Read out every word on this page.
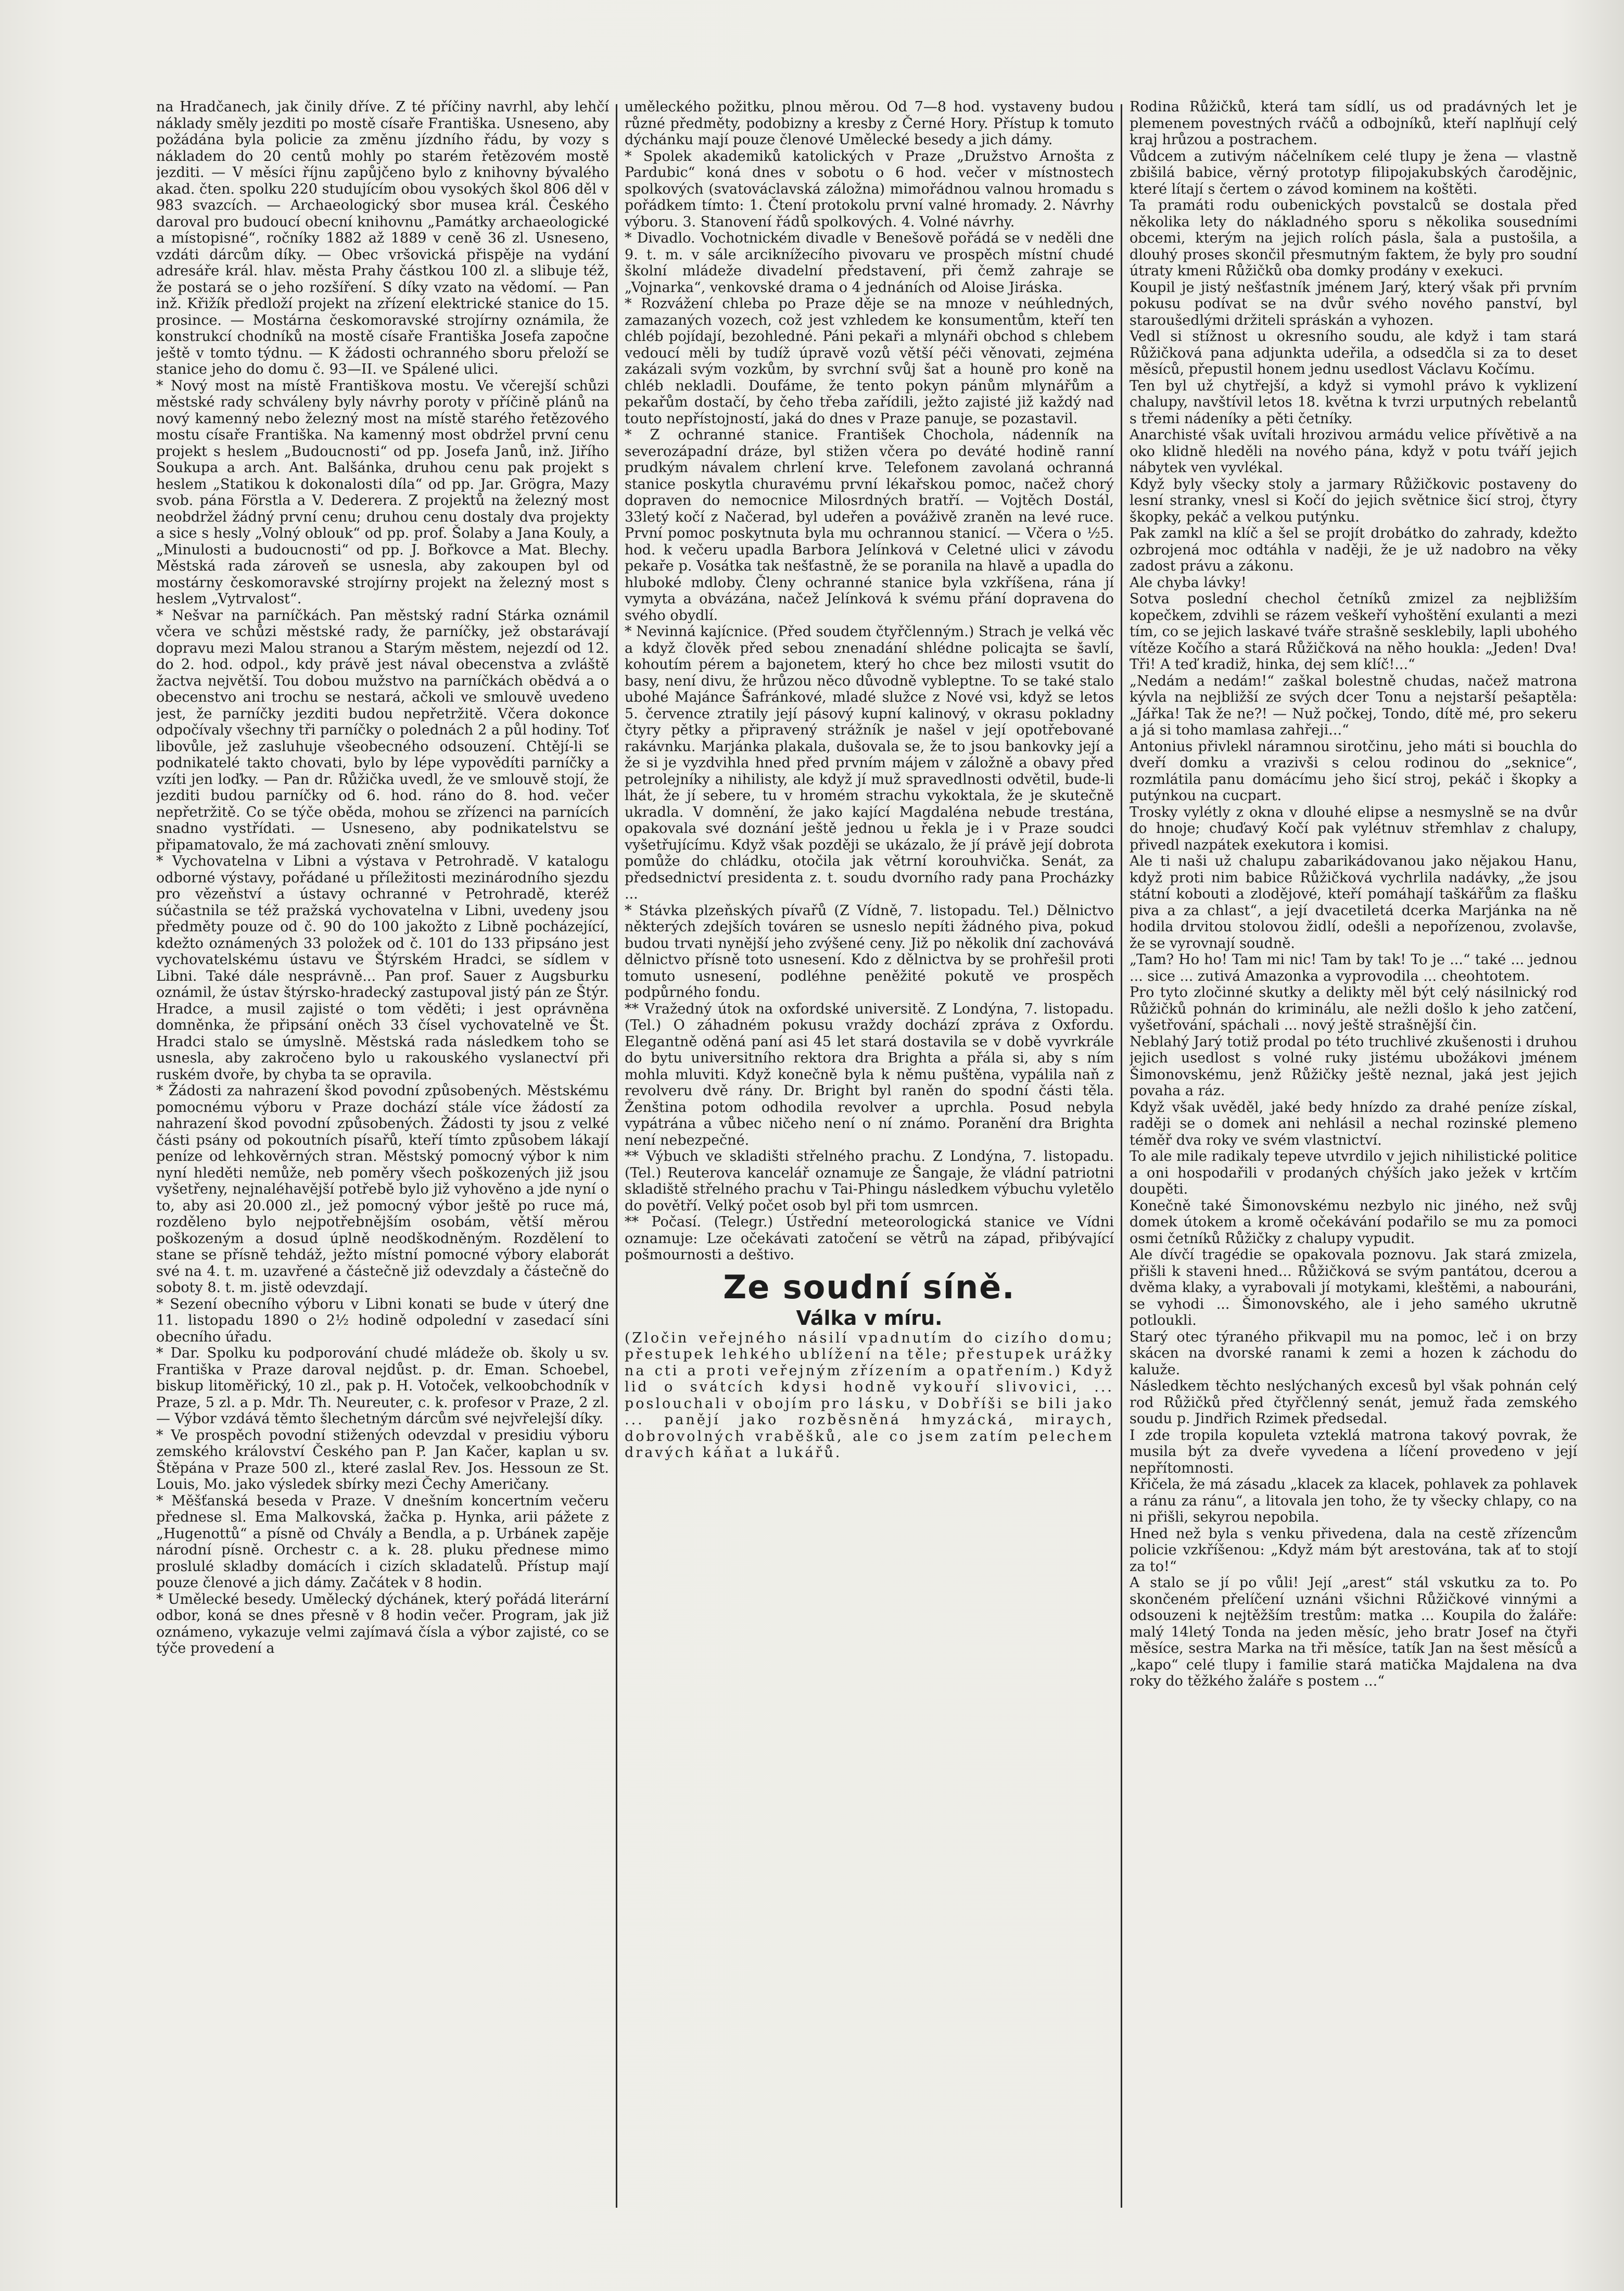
na Hradčanech, jak činily dříve. Z té příčiny navrhl, aby lehčí náklady směly jezditi po mostě císaře Františka. Usneseno, aby požádána byla policie za změnu jízdního řádu, by vozy s nákladem do 20 centů mohly po starém řetězovém mostě jezditi. — V měsíci říjnu zapůjčeno bylo z knihovny bývalého akad. čten. spolku 220 studujícím obou vysokých škol 806 děl v 983 svazcích. — Archaeologický sbor musea král. Českého daroval pro budoucí obecní knihovnu „Památky archaeologické a místopisné“, ročníky 1882 až 1889 v ceně 36 zl. Usneseno, vzdáti dárcům díky. — Obec vršovická přispěje na vydání adresáře král. hlav. města Prahy částkou 100 zl. a slibuje též, že postará se o jeho rozšíření. S díky vzato na vědomí. — Pan inž. Křižík předloží projekt na zřízení elektrické stanice do 15. prosince. — Mostárna českomoravské strojírny oznámila, že konstrukcí chodníků na mostě císaře Františka Josefa započne ještě v tomto týdnu. — K žádosti ochranného sboru přeloží se stanice jeho do domu č. 93—II. ve Spálené ulici.

* Nový most na místě Františkova mostu. Ve včerejší schůzi městské rady schváleny byly návrhy poroty v příčině plánů na nový kamenný nebo železný most na místě starého řetězového mostu císaře Františka. Na kamenný most obdržel první cenu projekt s heslem „Budoucnosti“ od pp. Josefa Janů, inž. Jiřího Soukupa a arch. Ant. Balšánka, druhou cenu pak projekt s heslem „Statikou k dokonalosti díla“ od pp. Jar. Grögra, Mazy svob. pána Förstla a V. Dederera. Z projektů na železný most neobdržel žádný první cenu; druhou cenu dostaly dva projekty a sice s hesly „Volný oblouk“ od pp. prof. Šolaby a Jana Kouly, a „Minulosti a budoucnosti“ od pp. J. Bořkovce a Mat. Blechy. Městská rada zároveň se usnesla, aby zakoupen byl od mostárny českomoravské strojírny projekt na železný most s heslem „Vytrvalost“.

* Nešvar na parníčkách. Pan městský radní Stárka oznámil včera ve schůzi městské rady, že parníčky, jež obstarávají dopravu mezi Malou stranou a Starým městem, nejezdí od 12. do 2. hod. odpol., kdy právě jest nával obecenstva a zvláště žactva největší. Tou dobou mužstvo na parníčkách obědvá a o obecenstvo ani trochu se nestará, ačkoli ve smlouvě uvedeno jest, že parníčky jezditi budou nepřetržitě. Včera dokonce odpočívaly všechny tři parníčky o polednách 2 a půl hodiny. Toť libovůle, jež zasluhuje všeobecného odsouzení. Chtějí-li se podnikatelé takto chovati, bylo by lépe vypovědíti parníčky a vzíti jen loďky. — Pan dr. Růžička uvedl, že ve smlouvě stojí, že jezditi budou parníčky od 6. hod. ráno do 8. hod. večer nepřetržitě. Co se týče oběda, mohou se zřízenci na parnících snadno vystřídati. — Usneseno, aby podnikatelstvu se připamatovalo, že má zachovati znění smlouvy.

* Vychovatelna v Libni a výstava v Petrohradě. V katalogu odborné výstavy, pořádané u příležitosti mezinárodního sjezdu pro vězeňství a ústavy ochranné v Petrohradě, kteréž súčastnila se též pražská vychovatelna v Libni, uvedeny jsou předměty pouze od č. 90 do 100 jakožto z Libně pocházející, kdežto oznámených 33 položek od č. 101 do 133 připsáno jest vychovatelskému ústavu ve Štýrském Hradci, se sídlem v Libni. Také dále nesprávně... Pan prof. Sauer z Augsburku oznámil, že ústav štýrsko-hradecký zastupoval jistý pán ze Štýr. Hradce, a musil zajisté o tom věděti; i jest oprávněna domněnka, že připsání oněch 33 čísel vychovatelně ve Št. Hradci stalo se úmyslně. Městská rada následkem toho se usnesla, aby zakročeno bylo u rakouského vyslanectví při ruském dvoře, by chyba ta se opravila.

* Žádosti za nahrazení škod povodní způsobených. Městskému pomocnému výboru v Praze dochází stále více žádostí za nahrazení škod povodní způsobených. Žádosti ty jsou z velké části psány od pokoutních písařů, kteří tímto způsobem lákají peníze od lehkověrných stran. Městský pomocný výbor k nim nyní hleděti nemůže, neb poměry všech poškozených již jsou vyšetřeny, nejnaléhavější potřebě bylo již vyhověno a jde nyní o to, aby asi 20.000 zl., jež pomocný výbor ještě po ruce má, rozděleno bylo nejpotřebnějším osobám, větší měrou poškozeným a dosud úplně neodškodněným. Rozdělení to stane se přísně tehdáž, ježto místní pomocné výbory elaborát své na 4. t. m. uzavřené a částečně již odevzdaly a částečně do soboty 8. t. m. jistě odevzdají.

* Sezení obecního výboru v Libni konati se bude v úterý dne 11. listopadu 1890 o 2½ hodině odpolední v zasedací síni obecního úřadu.

* Dar. Spolku ku podporování chudé mládeže ob. školy u sv. Františka v Praze daroval nejdůst. p. dr. Eman. Schoebel, biskup litoměřický, 10 zl., pak p. H. Votoček, velkoobchodník v Praze, 5 zl. a p. Mdr. Th. Neureuter, c. k. profesor v Praze, 2 zl. — Výbor vzdává těmto šlechetným dárcům své nejvřelejší díky.

* Ve prospěch povodní stižených odevzdal v presidiu výboru zemského království Českého pan P. Jan Kačer, kaplan u sv. Štěpána v Praze 500 zl., které zaslal Rev. Jos. Hessoun ze St. Louis, Mo. jako výsledek sbírky mezi Čechy Američany.

* Měšťanská beseda v Praze. V dnešním koncertním večeru přednese sl. Ema Malkovská, žačka p. Hynka, arii pážete z „Hugenottů“ a písně od Chvály a Bendla, a p. Urbánek zapěje národní písně. Orchestr c. a k. 28. pluku přednese mimo proslulé skladby domácích i cizích skladatelů. Přístup mají pouze členové a jich dámy. Začátek v 8 hodin.

* Umělecké besedy. Umělecký dýchánek, který pořádá literární odbor, koná se dnes přesně v 8 hodin večer. Program, jak již oznámeno, vykazuje velmi zajímavá čísla a výbor zajisté, co se týče provedení a

uměleckého požitku, plnou měrou. Od 7—8 hod. vystaveny budou různé předměty, podobizny a kresby z Černé Hory. Přístup k tomuto dýchánku mají pouze členové Umělecké besedy a jich dámy.

* Spolek akademiků katolických v Praze „Družstvo Arnošta z Pardubic“ koná dnes v sobotu o 6 hod. večer v místnostech spolkových (svatováclavská záložna) mimořádnou valnou hromadu s pořádkem tímto: 1. Čtení protokolu první valné hromady. 2. Návrhy výboru. 3. Stanovení řádů spolkových. 4. Volné návrhy.

* Divadlo. Vochotnickém divadle v Benešově pořádá se v neděli dne 9. t. m. v sále arciknížecího pivovaru ve prospěch místní chudé školní mládeže divadelní představení, při čemž zahraje se „Vojnarka“, venkovské drama o 4 jednáních od Aloise Jiráska.

* Rozvážení chleba po Praze děje se na mnoze v neúhledných, zamazaných vozech, což jest vzhledem ke konsumentům, kteří ten chléb pojídají, bezohledné. Páni pekaři a mlynáři obchod s chlebem vedoucí měli by tudíž úpravě vozů větší péči věnovati, zejména zakázali svým vozkům, by svrchní svůj šat a houně pro koně na chléb nekladli. Doufáme, že tento pokyn pánům mlynářům a pekařům dostačí, by čeho třeba zařídili, ježto zajisté již každý nad touto nepřístojností, jaká do dnes v Praze panuje, se pozastavil.

* Z ochranné stanice. František Chochola, nádenník na severozápadní dráze, byl stižen včera po deváté hodině ranní prudkým návalem chrlení krve. Telefonem zavolaná ochranná stanice poskytla churavému první lékařskou pomoc, načež chorý dopraven do nemocnice Milosrdných bratří. — Vojtěch Dostál, 33letý kočí z Načerad, byl udeřen a pováživě zraněn na levé ruce. První pomoc poskytnuta byla mu ochrannou stanicí. — Včera o ½5. hod. k večeru upadla Barbora Jelínková v Celetné ulici v závodu pekaře p. Vosátka tak nešťastně, že se poranila na hlavě a upadla do hluboké mdloby. Členy ochranné stanice byla vzkříšena, rána jí vymyta a obvázána, načež Jelínková k svému přání dopravena do svého obydlí.

* Nevinná kajícnice. (Před soudem čtyřčlenným.) Strach je velká věc a když člověk před sebou znenadání shlédne policajta se šavlí, kohoutím pérem a bajonetem, který ho chce bez milosti vsutit do basy, není divu, že hrůzou něco důvodně vybleptne. To se také stalo ubohé Majánce Šafránkové, mladé služce z Nové vsi, když se letos 5. července ztratily její pásový kupní kalinový, v okrasu pokladny čtyry pětky a připravený strážník je našel v její opotřebované rakávnku. Marjánka plakala, dušovala se, že to jsou bankovky její a že si je vyzdvihla hned před prvním májem v záložně a obavy před petrolejníky a nihilisty, ale když jí muž spravedlnosti odvětil, bude-li lhát, že jí sebere, tu v hromém strachu vykoktala, že je skutečně ukradla. V domnění, že jako kající Magdaléna nebude trestána, opakovala své doznání ještě jednou u řekla je i v Praze soudci vyšetřujícímu. Když však později se ukázalo, že jí právě její dobrota pomůže do chládku, otočila jak větrní korouhvička. Senát, za předsednictví presidenta z. t. soudu dvorního rady pana Procházky ...

* Stávka plzeňských pívařů (Z Vídně, 7. listopadu. Tel.) Dělnictvo některých zdejších továren se usneslo nepíti žádného piva, pokud budou trvati nynější jeho zvýšené ceny. Již po několik dní zachovává dělnictvo přísně toto usnesení. Kdo z dělnictva by se prohřešil proti tomuto usnesení, podléhne peněžité pokutě ve prospěch podpůrného fondu.

** Vražedný útok na oxfordské universitě. Z Londýna, 7. listopadu. (Tel.) O záhadném pokusu vraždy dochází zpráva z Oxfordu. Elegantně oděná paní asi 45 let stará dostavila se v době vyvrkrále do bytu universitního rektora dra Brighta a přála si, aby s ním mohla mluviti. Když konečně byla k němu puštěna, vypálila naň z revolveru dvě rány. Dr. Bright byl raněn do spodní části těla. Ženština potom odhodila revolver a uprchla. Posud nebyla vypátrána a vůbec ničeho není o ní známo. Poranění dra Brighta není nebezpečné.

** Výbuch ve skladišti střelného prachu. Z Londýna, 7. listopadu. (Tel.) Reuterova kancelář oznamuje ze Šangaje, že vládní patriotni skladiště střelného prachu v Tai-Phingu následkem výbuchu vyletělo do povětří. Velký počet osob byl při tom usmrcen.

** Počasí. (Telegr.) Ústřední meteorologická stanice ve Vídni oznamuje: Lze očekávati zatočení se větrů na západ, přibývající pošmournosti a deštivo.

Ze soudní síně.
Válka v míru.

(Zločin veřejného násilí vpadnutím do cizího domu; přestupek lehkého ublížení na těle; přestupek urážky na cti a proti veřejným zřízením a opatřením.) Když lid o svátcích kdysi hodně vykouří slivovici, ... poslouchali v obojím pro lásku, v Dobříši se bili jako ... panějí jako rozběsněná hmyzácká, miraych, dobrovolných vraběšků, ale co jsem zatím pelechem dravých káňat a lukářů.

Rodina Růžičků, která tam sídlí, us od pradávných let je plemenem povestných rváčů a odbojníků, kteří naplňují celý kraj hrůzou a postrachem.

Vůdcem a zutivým náčelníkem celé tlupy je žena — vlastně zbišilá babice, věrný prototyp filipojakubských čarodějnic, které lítají s čertem o závod kominem na koštěti.

Ta pramáti rodu oubenických povstalců se dostala před několika lety do nákladného sporu s několika sousedními obcemi, kterým na jejich rolích pásla, šala a pustošila, a dlouhý proses skončil přesmutným faktem, že byly pro soudní útraty kmeni Růžičků oba domky prodány v exekuci.

Koupil je jistý nešťastník jménem Jarý, který však při prvním pokusu podívat se na dvůr svého nového panství, byl staroušedlými držiteli spráskán a vyhozen.

Vedl si stížnost u okresního soudu, ale když i tam stará Růžičková pana adjunkta udeřila, a odsedčla si za to deset měsíců, přepustil honem jednu usedlost Václavu Kočímu.

Ten byl už chytřejší, a když si vymohl právo k vyklizení chalupy, navštívil letos 18. května k tvrzi urputných rebelantů s třemi nádeníky a pěti četníky.

Anarchisté však uvítali hrozivou armádu velice přívětivě a na oko klidně hleděli na nového pána, když v potu tváří jejich nábytek ven vyvlékal.

Když byly všecky stoly a jarmary Růžičkovic postaveny do lesní stranky, vnesl si Kočí do jejich světnice šicí stroj, čtyry škopky, pekáč a velkou putýnku.

Pak zamkl na klíč a šel se projít drobátko do zahrady, kdežto ozbrojená moc odtáhla v naději, že je už nadobro na věky zadost právu a zákonu.

Ale chyba lávky!

Sotva poslední chechol četníků zmizel za nejbližším kopečkem, zdvihli se rázem veškeří vyhoštění exulanti a mezi tím, co se jejich laskavé tváře strašně sesklebily, lapli ubohého vítěze Kočího a stará Růžičková na něho houkla: „Jeden! Dva! Tři! A teď kradiž, hinka, dej sem klíč!...“

„Nedám a nedám!“ zaškal bolestně chudas, načež matrona kývla na nejbližší ze svých dcer Tonu a nejstarší pešaptěla: „Jářka! Tak že ne?! — Nuž počkej, Tondo, dítě mé, pro sekeru a já si toho mamlasa zahřeji...“

Antonius přivlekl náramnou sirotčinu, jeho máti si bouchla do dveří domku a vrazivši s celou rodinou do „seknice“, rozmlátila panu domácímu jeho šicí stroj, pekáč i škopky a putýnkou na cucpart.

Trosky vylétly z okna v dlouhé elipse a nesmyslně se na dvůr do hnoje; chuďavý Kočí pak vylétnuv střemhlav z chalupy, přivedl nazpátek exekutora i komisi.

Ale ti naši už chalupu zabarikádovanou jako nějakou Hanu, když proti nim babice Růžičková vychrlila nadávky, „že jsou státní kobouti a zlodějové, kteří pomáhají taškářům za flašku piva a za chlast“, a její dvacetiletá dcerka Marjánka na ně hodila drvitou stolovou židlí, odešli a nepořízenou, zvolavše, že se vyrovnají soudně.

„Tam? Ho ho! Tam mi nic! Tam by tak! To je ...“ také ... jednou ... sice ... zutivá Amazonka a vyprovodila ... cheohtotem.

Pro tyto zločinné skutky a delikty měl být celý násilnický rod Růžičků pohnán do kriminálu, ale nežli došlo k jeho zatčení, vyšetřování, spáchali ... nový ještě strašnější čin.

Neblahý Jarý totiž prodal po této truchlivé zkušenosti i druhou jejich usedlost s volné ruky jistému ubožákovi jménem Šimonovskému, jenž Růžičky ještě neznal, jaká jest jejich povaha a ráz.

Když však uvěděl, jaké bedy hnízdo za drahé peníze získal, raději se o domek ani nehlásil a nechal rozinské plemeno téměř dva roky ve svém vlastnictví.

To ale mile radikaly tepeve utvrdilo v jejich nihilistické politice a oni hospodařili v prodaných chýších jako ježek v krtčím doupěti.

Konečně také Šimonovskému nezbylo nic jiného, než svůj domek útokem a kromě očekávání podařilo se mu za pomoci osmi četníků Růžičky z chalupy vypudit.

Ale dívčí tragédie se opakovala poznovu. Jak stará zmizela, přišli k staveni hned... Růžičková se svým pantátou, dcerou a dvěma klaky, a vyrabovali jí motykami, kleštěmi, a nabouráni, se vyhodi ... Šimonovského, ale i jeho samého ukrutně potloukli.

Starý otec týraného přikvapil mu na pomoc, leč i on brzy skácen na dvorské ranami k zemi a hozen k záchodu do kaluže.

Následkem těchto neslýchaných excesů byl však pohnán celý rod Růžičků před čtyřčlenný senát, jemuž řada zemského soudu p. Jindřich Rzimek předsedal.

I zde tropila kopuleta vzteklá matrona takový povrak, že musila být za dveře vyvedena a líčení provedeno v její nepřítomnosti.

Křičela, že má zásadu „klacek za klacek, pohlavek za pohlavek a ránu za ránu“, a litovala jen toho, že ty všecky chlapy, co na ni přišli, sekyrou nepobila.

Hned než byla s venku přivedena, dala na cestě zřízencům policie vzkříšenou: „Když mám být arestována, tak ať to stojí za to!“

A stalo se jí po vůli! Její „arest“ stál vskutku za to. Po skončeném přelíčení uznáni všichni Růžičkové vinnými a odsouzeni k nejtěžším trestům: matka ... Koupila do žaláře: malý 14letý Tonda na jeden měsíc, jeho bratr Josef na čtyři měsíce, sestra Marka na tři měsíce, tatík Jan na šest měsíců a „kapo“ celé tlupy i familie stará matička Majdalena na dva roky do těžkého žaláře s postem ...“
